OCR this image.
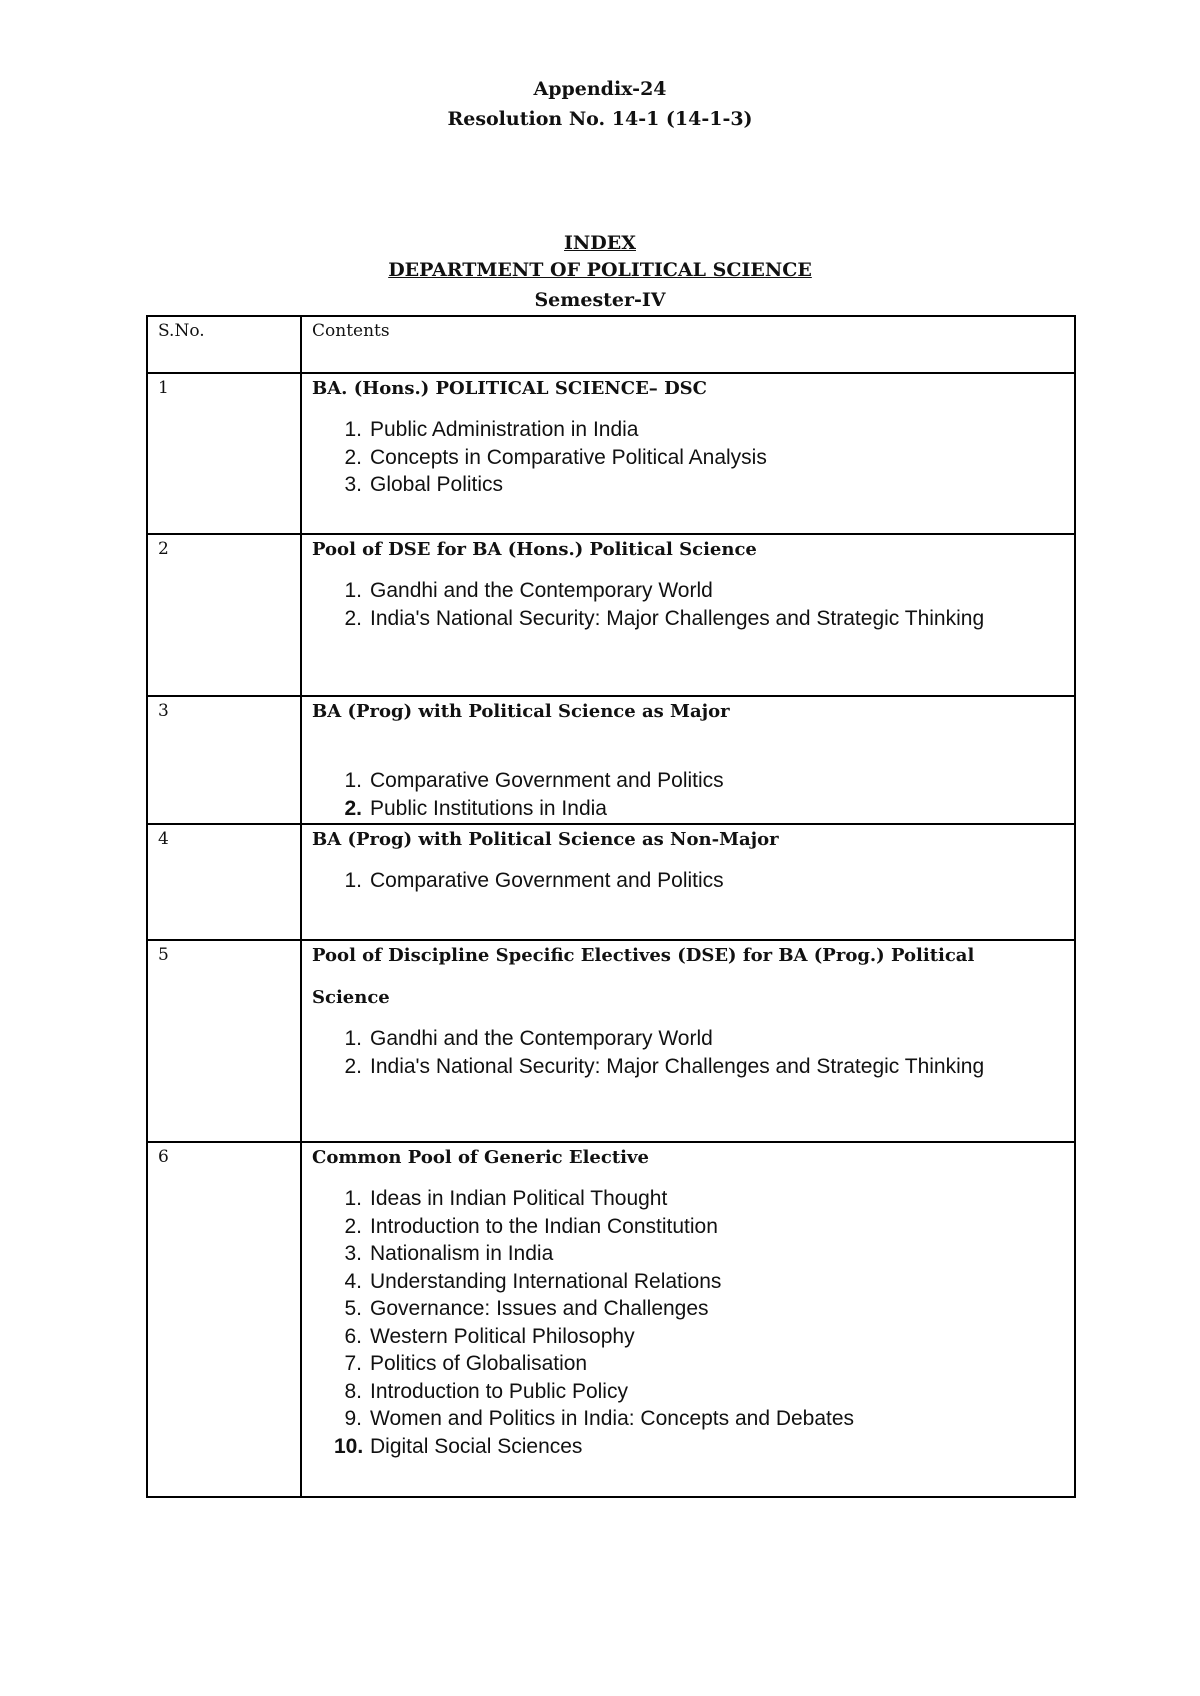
Appendix-24
Resolution No. 14-1 (14-1-3)
INDEX
DEPARTMENT OF POLITICAL SCIENCE
Semester-IV
S.No.	Contents
1	BA. (Hons.) POLITICAL SCIENCE– DSC
1. Public Administration in India
2. Concepts in Comparative Political Analysis
3. Global Politics
2	Pool of DSE for BA (Hons.) Political Science
1. Gandhi and the Contemporary World
2. India's National Security: Major Challenges and Strategic Thinking
3	BA (Prog) with Political Science as Major
1. Comparative Government and Politics
2. Public Institutions in India
4	BA (Prog) with Political Science as Non-Major
1. Comparative Government and Politics
5	Pool of Discipline Specific Electives (DSE) for BA (Prog.) Political
Science
1. Gandhi and the Contemporary World
2. India's National Security: Major Challenges and Strategic Thinking
6	Common Pool of Generic Elective
1. Ideas in Indian Political Thought
2. Introduction to the Indian Constitution
3. Nationalism in India
4. Understanding International Relations
5. Governance: Issues and Challenges
6. Western Political Philosophy
7. Politics of Globalisation
8. Introduction to Public Policy
9. Women and Politics in India: Concepts and Debates
10. Digital Social Sciences
